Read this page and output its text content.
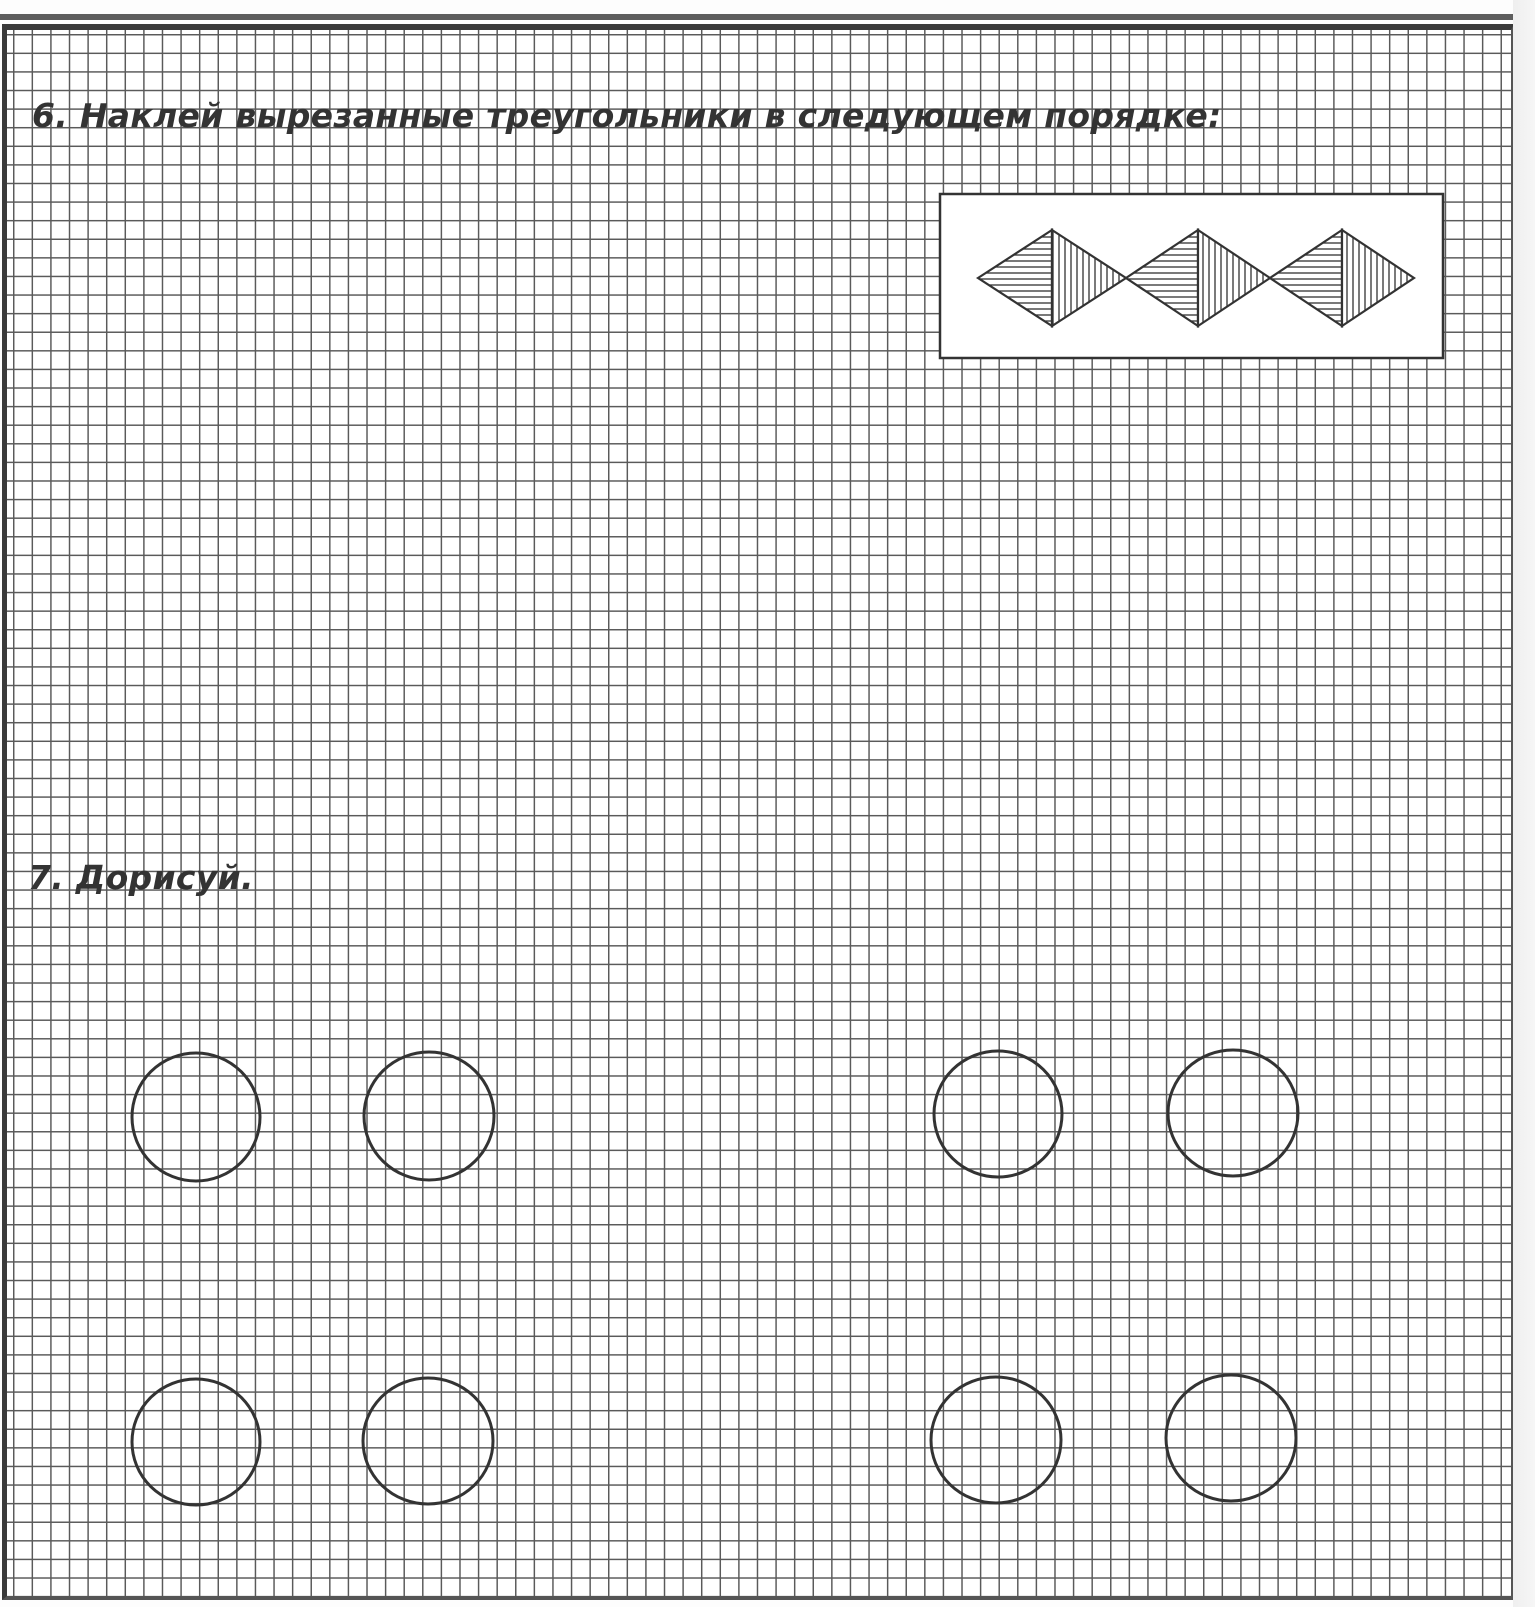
6. Наклей вырезанные треугольники в следующем порядке:
7. Дорисуй.
